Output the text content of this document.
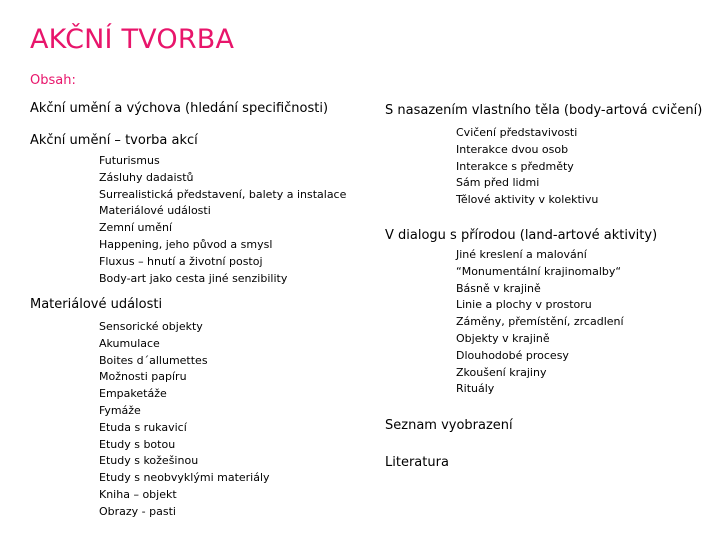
AKČNÍ TVORBA
Obsah:
Akční umění a výchova (hledání specifičnosti)
Akční umění – tvorba akcí
Futurismus
Zásluhy dadaistů
Surrealistická představení, balety a instalace
Materiálové události
Zemní umění
Happening, jeho původ a smysl
Fluxus – hnutí a životní postoj
Body-art jako cesta jiné senzibility
Materiálové události
Sensorické objekty
Akumulace
Boites d´allumettes
Možnosti papíru
Empaketáže
Fymáže
Etuda s rukavicí
Etudy s botou
Etudy s kožešinou
Etudy s neobvyklými materiály
Kniha – objekt
Obrazy - pasti
S nasazením vlastního těla (body-artová cvičení)
Cvičení představivosti
Interakce dvou osob
Interakce s předměty
Sám před lidmi
Tělové aktivity v kolektivu
V dialogu s přírodou (land-artové aktivity)
Jiné kreslení a malování
“Monumentální krajinomalby“
Básně v krajině
Linie a plochy v prostoru
Záměny, přemístění, zrcadlení
Objekty v krajině
Dlouhodobé procesy
Zkoušení krajiny
Rituály
Seznam vyobrazení
Literatura
